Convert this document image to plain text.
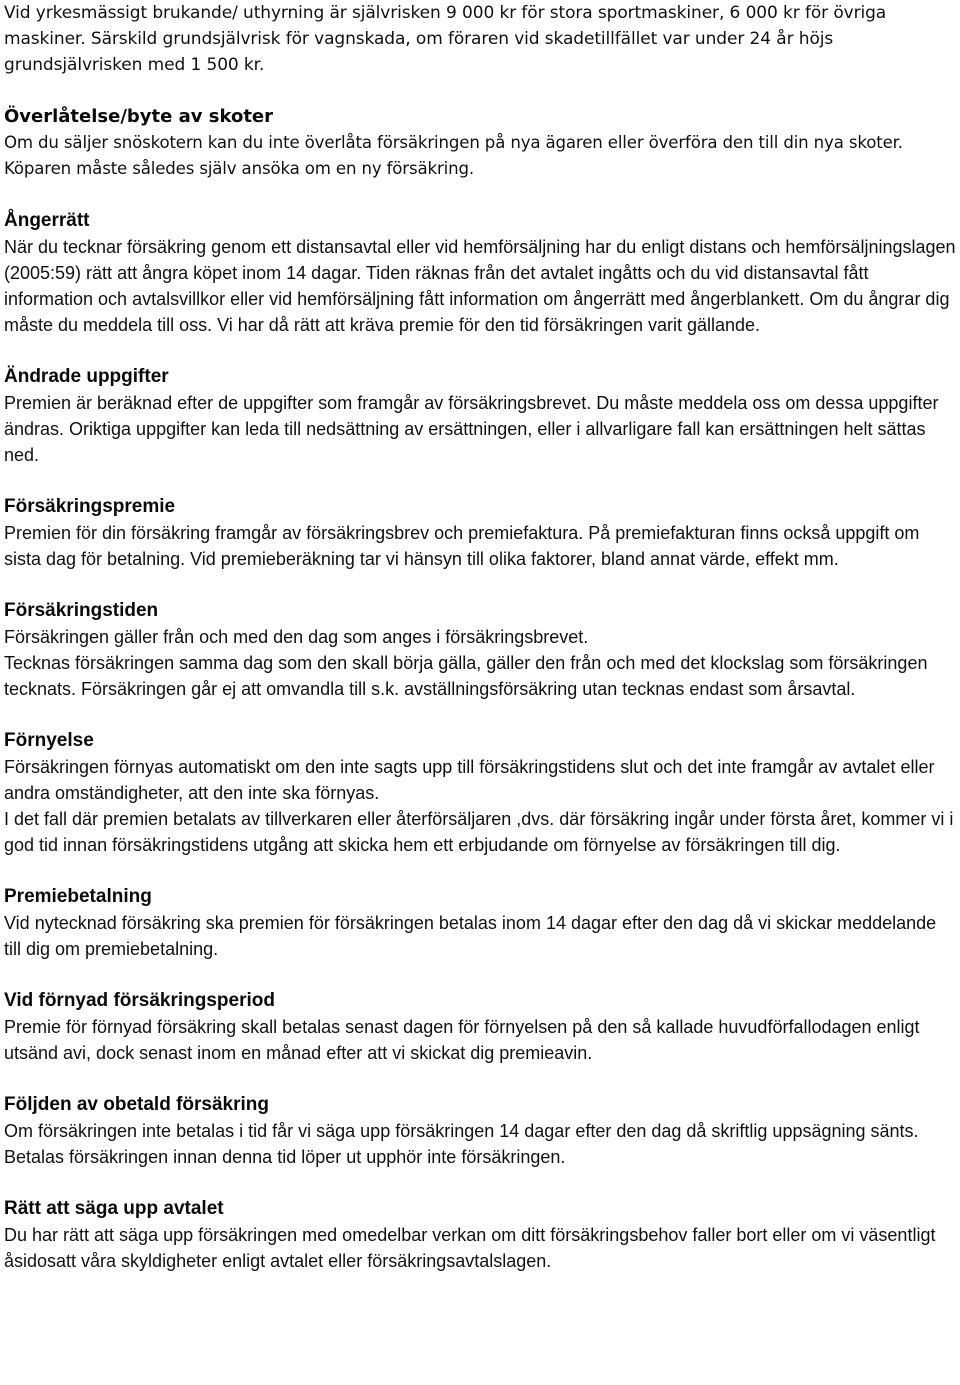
Vid yrkesmässigt brukande/ uthyrning är självrisken 9 000 kr för stora sportmaskiner, 6 000 kr för övriga maskiner. Särskild grundsjälvrisk för vagnskada, om föraren vid skadetillfället var under 24 år höjs grundsjälvrisken med 1 500 kr.

Överlåtelse/byte av skoter

Om du säljer snöskotern kan du inte överlåta försäkringen på nya ägaren eller överföra den till din nya skoter. Köparen måste således själv ansöka om en ny försäkring.

Ångerrätt

När du tecknar försäkring genom ett distansavtal eller vid hemförsäljning har du enligt distans och hemförsäljningslagen (2005:59) rätt att ångra köpet inom 14 dagar. Tiden räknas från det avtalet ingåtts och du vid distansavtal fått information och avtalsvillkor eller vid hemförsäljning fått information om ångerrätt med ångerblankett. Om du ångrar dig måste du meddela till oss. Vi har då rätt att kräva premie för den tid försäkringen varit gällande.

Ändrade uppgifter

Premien är beräknad efter de uppgifter som framgår av försäkringsbrevet. Du måste meddela oss om dessa uppgifter ändras. Oriktiga uppgifter kan leda till nedsättning av ersättningen, eller i allvarligare fall kan ersättningen helt sättas ned.

Försäkringspremie

Premien för din försäkring framgår av försäkringsbrev och premiefaktura. På premiefakturan finns också uppgift om sista dag för betalning. Vid premieberäkning tar vi hänsyn till olika faktorer, bland annat värde, effekt mm.

Försäkringstiden

Försäkringen gäller från och med den dag som anges i försäkringsbrevet.

Tecknas försäkringen samma dag som den skall börja gälla, gäller den från och med det klockslag som försäkringen tecknats. Försäkringen går ej att omvandla till s.k. avställningsförsäkring utan tecknas endast som årsavtal.

Förnyelse

Försäkringen förnyas automatiskt om den inte sagts upp till försäkringstidens slut och det inte framgår av avtalet eller andra omständigheter, att den inte ska förnyas.

I det fall där premien betalats av tillverkaren eller återförsäljaren ,dvs. där försäkring ingår under första året, kommer vi i god tid innan försäkringstidens utgång att skicka hem ett erbjudande om förnyelse av försäkringen till dig.

Premiebetalning

Vid nytecknad försäkring ska premien för försäkringen betalas inom 14 dagar efter den dag då vi skickar meddelande till dig om premiebetalning.

Vid förnyad försäkringsperiod

Premie för förnyad försäkring skall betalas senast dagen för förnyelsen på den så kallade huvudförfallodagen enligt utsänd avi, dock senast inom en månad efter att vi skickat dig premieavin.

Följden av obetald försäkring

Om försäkringen inte betalas i tid får vi säga upp försäkringen 14 dagar efter den dag då skriftlig uppsägning sänts. Betalas försäkringen innan denna tid löper ut upphör inte försäkringen.

Rätt att säga upp avtalet

Du har rätt att säga upp försäkringen med omedelbar verkan om ditt försäkringsbehov faller bort eller om vi väsentligt åsidosatt våra skyldigheter enligt avtalet eller försäkringsavtalslagen.
